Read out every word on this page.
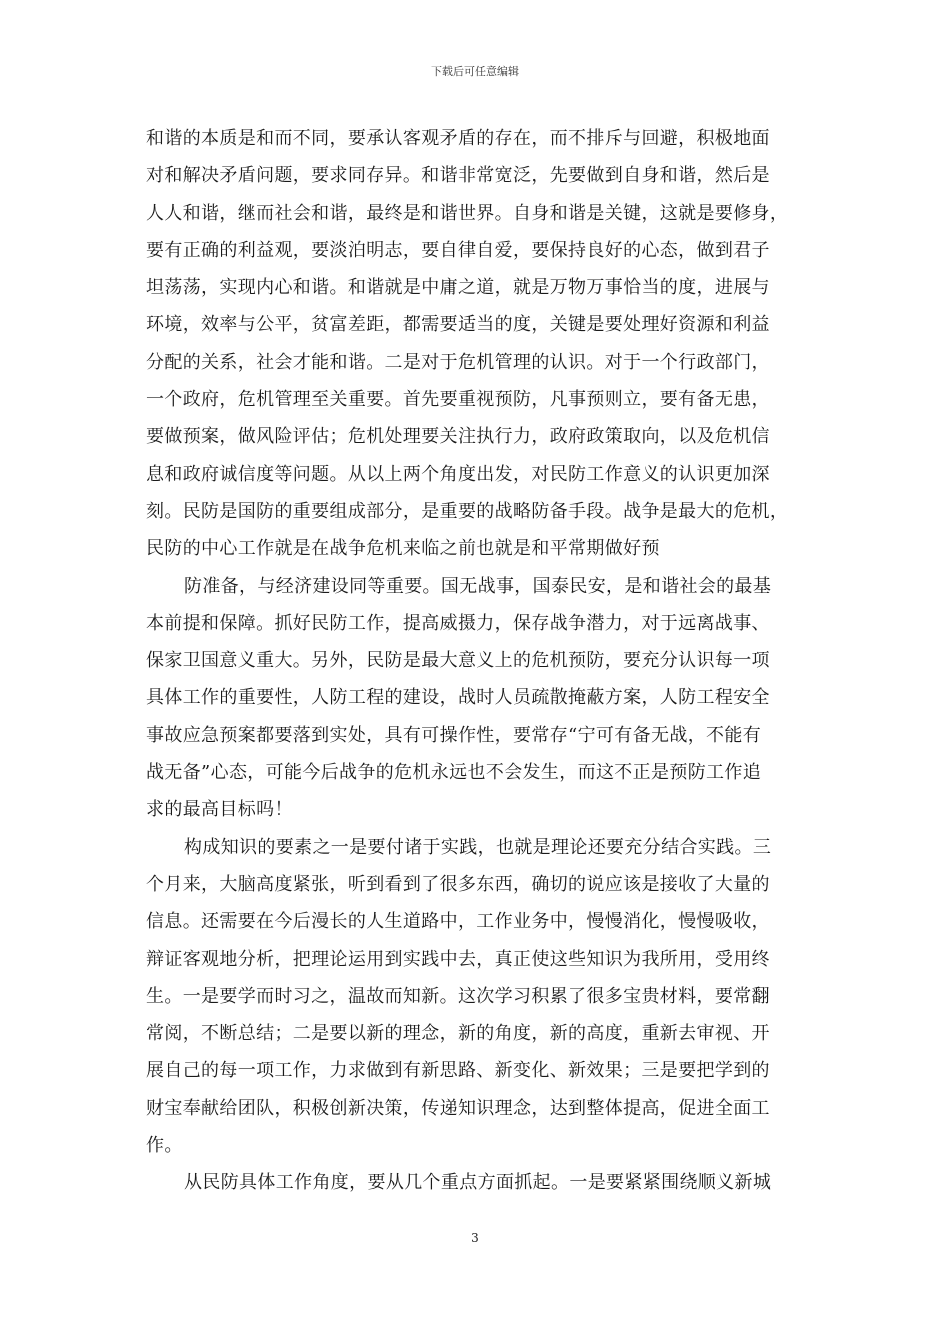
下载后可任意编辑
和谐的本质是和而不同，要承认客观矛盾的存在，而不排斥与回避，积极地面
对和解决矛盾问题，要求同存异。和谐非常宽泛，先要做到自身和谐，然后是
人人和谐，继而社会和谐，最终是和谐世界。自身和谐是关键，这就是要修身，
要有正确的利益观，要淡泊明志，要自律自爱，要保持良好的心态，做到君子
坦荡荡，实现内心和谐。和谐就是中庸之道，就是万物万事恰当的度，进展与
环境，效率与公平，贫富差距，都需要适当的度，关键是要处理好资源和利益
分配的关系，社会才能和谐。二是对于危机管理的认识。对于一个行政部门，
一个政府，危机管理至关重要。首先要重视预防，凡事预则立，要有备无患，
要做预案，做风险评估；危机处理要关注执行力，政府政策取向，以及危机信
息和政府诚信度等问题。从以上两个角度出发，对民防工作意义的认识更加深
刻。民防是国防的重要组成部分，是重要的战略防备手段。战争是最大的危机，
民防的中心工作就是在战争危机来临之前也就是和平常期做好预
防准备，与经济建设同等重要。国无战事，国泰民安，是和谐社会的最基
本前提和保障。抓好民防工作，提高威摄力，保存战争潜力，对于远离战事、
保家卫国意义重大。另外，民防是最大意义上的危机预防，要充分认识每一项
具体工作的重要性，人防工程的建设，战时人员疏散掩蔽方案，人防工程安全
事故应急预案都要落到实处，具有可操作性，要常存“宁可有备无战，不能有
战无备”心态，可能今后战争的危机永远也不会发生，而这不正是预防工作追
求的最高目标吗！
构成知识的要素之一是要付诸于实践，也就是理论还要充分结合实践。三
个月来，大脑高度紧张，听到看到了很多东西，确切的说应该是接收了大量的
信息。还需要在今后漫长的人生道路中，工作业务中，慢慢消化，慢慢吸收，
辩证客观地分析，把理论运用到实践中去，真正使这些知识为我所用，受用终
生。一是要学而时习之，温故而知新。这次学习积累了很多宝贵材料，要常翻
常阅，不断总结；二是要以新的理念，新的角度，新的高度，重新去审视、开
展自己的每一项工作，力求做到有新思路、新变化、新效果；三是要把学到的
财宝奉献给团队，积极创新决策，传递知识理念，达到整体提高，促进全面工
作。
从民防具体工作角度，要从几个重点方面抓起。一是要紧紧围绕顺义新城
3
